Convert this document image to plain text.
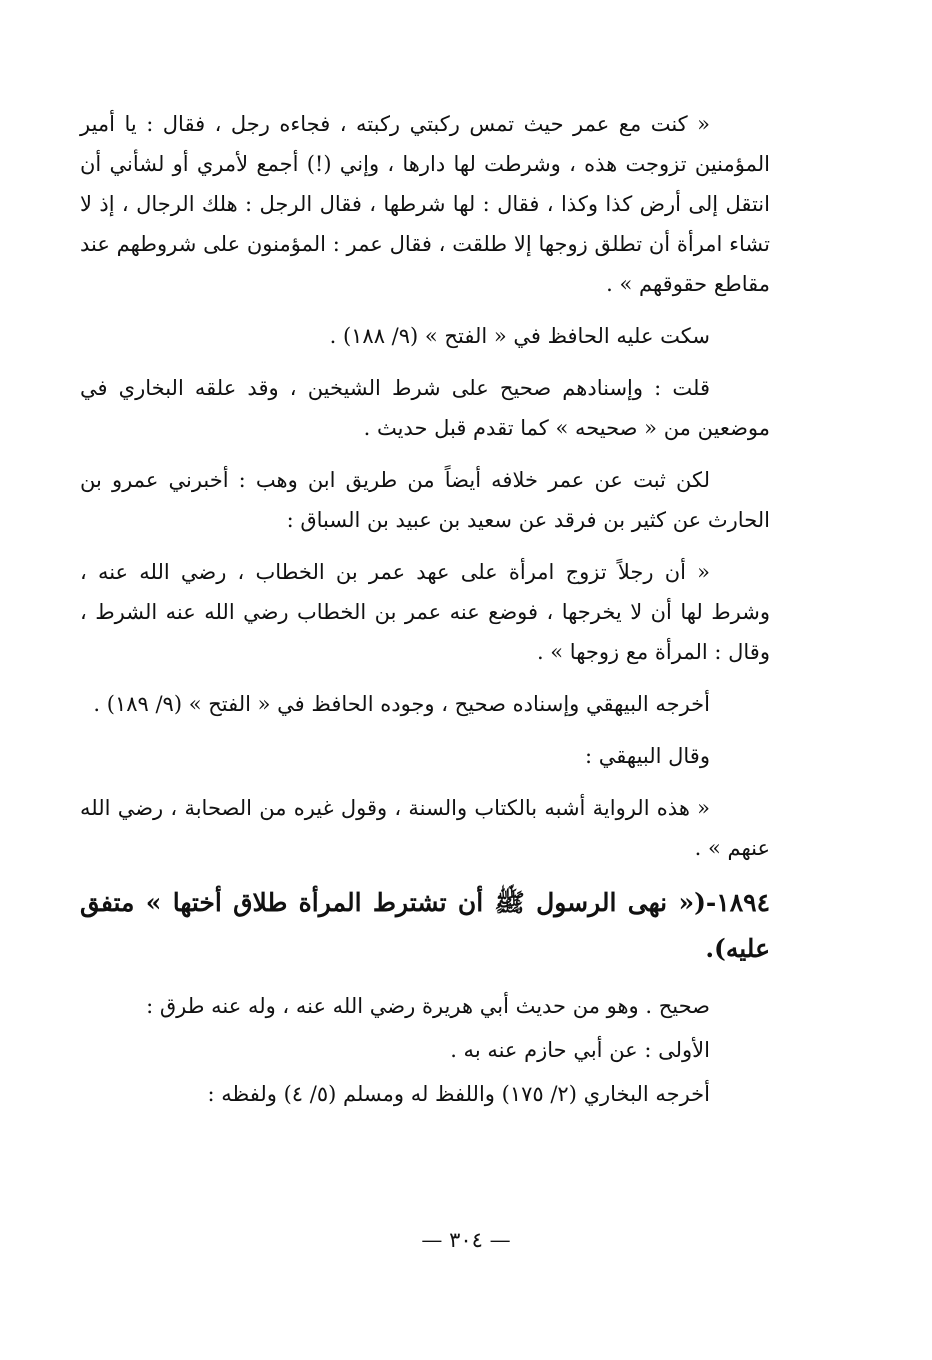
« كنت مع عمر حيث تمس ركبتي ركبته ، فجاءه رجل ، فقال : يا أمير المؤمنين تزوجت هذه ، وشرطت لها دارها ، وإني (!) أجمع لأمري أو لشأني أن انتقل إلى أرض كذا وكذا ، فقال : لها شرطها ، فقال الرجل : هلك الرجال ، إذ لا تشاء امرأة أن تطلق زوجها إلا طلقت ، فقال عمر : المؤمنون على شروطهم عند مقاطع حقوقهم » .

سكت عليه الحافظ في « الفتح » (٩/ ١٨٨) .

قلت : وإسنادهم صحيح على شرط الشيخين ، وقد علقه البخاري في موضعين من « صحيحه » كما تقدم قبل حديث .

لكن ثبت عن عمر خلافه أيضاً من طريق ابن وهب : أخبرني عمرو بن الحارث عن كثير بن فرقد عن سعيد بن عبيد بن السباق :

« أن رجلاً تزوج امرأة على عهد عمر بن الخطاب ، رضي الله عنه ، وشرط لها أن لا يخرجها ، فوضع عنه عمر بن الخطاب رضي الله عنه الشرط ، وقال : المرأة مع زوجها » .

أخرجه البيهقي وإسناده صحيح ، وجوده الحافظ في « الفتح » (٩/ ١٨٩) .

وقال البيهقي :

« هذه الرواية أشبه بالكتاب والسنة ، وقول غيره من الصحابة ، رضي الله عنهم » .

١٨٩٤-(« نهى الرسول ﷺ أن تشترط المرأة طلاق أختها » متفق عليه).

صحيح . وهو من حديث أبي هريرة رضي الله عنه ، وله عنه طرق :

الأولى : عن أبي حازم عنه به .

أخرجه البخاري (٢/ ١٧٥) واللفظ له ومسلم (٥/ ٤) ولفظه :

— ٣٠٤ —
